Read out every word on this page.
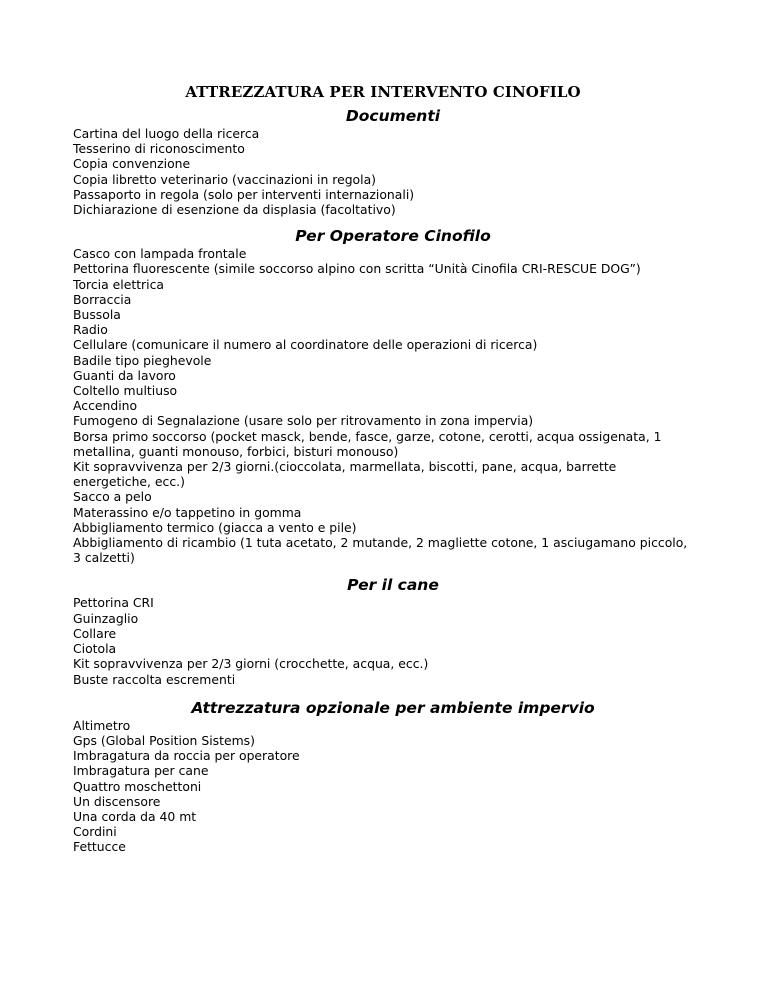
ATTREZZATURA PER INTERVENTO CINOFILO
Documenti
Cartina del luogo della ricerca
Tesserino di riconoscimento
Copia convenzione
Copia libretto veterinario (vaccinazioni in regola)
Passaporto in regola (solo per interventi internazionali)
Dichiarazione di esenzione da displasia (facoltativo)
Per Operatore Cinofilo
Casco con lampada frontale
Pettorina fluorescente (simile soccorso alpino con scritta “Unità Cinofila CRI-RESCUE DOG”)
Torcia elettrica
Borraccia
Bussola
Radio
Cellulare (comunicare il numero al coordinatore delle operazioni di ricerca)
Badile tipo pieghevole
Guanti da lavoro
Coltello multiuso
Accendino
Fumogeno di Segnalazione (usare solo per ritrovamento in zona impervia)
Borsa primo soccorso (pocket masck, bende, fasce, garze, cotone, cerotti, acqua ossigenata, 1
metallina, guanti monouso, forbici, bisturi monouso)
Kit sopravvivenza per 2/3 giorni.(cioccolata, marmellata, biscotti, pane, acqua, barrette
energetiche, ecc.)
Sacco a pelo
Materassino e/o tappetino in gomma
Abbigliamento termico (giacca a vento e pile)
Abbigliamento di ricambio (1 tuta acetato, 2 mutande, 2 magliette cotone, 1 asciugamano piccolo,
3 calzetti)
Per il cane
Pettorina CRI
Guinzaglio
Collare
Ciotola
Kit sopravvivenza per 2/3 giorni (crocchette, acqua, ecc.)
Buste raccolta escrementi
Attrezzatura opzionale per ambiente impervio
Altimetro
Gps (Global Position Sistems)
Imbragatura da roccia per operatore
Imbragatura per cane
Quattro moschettoni
Un discensore
Una corda da 40 mt
Cordini
Fettucce
